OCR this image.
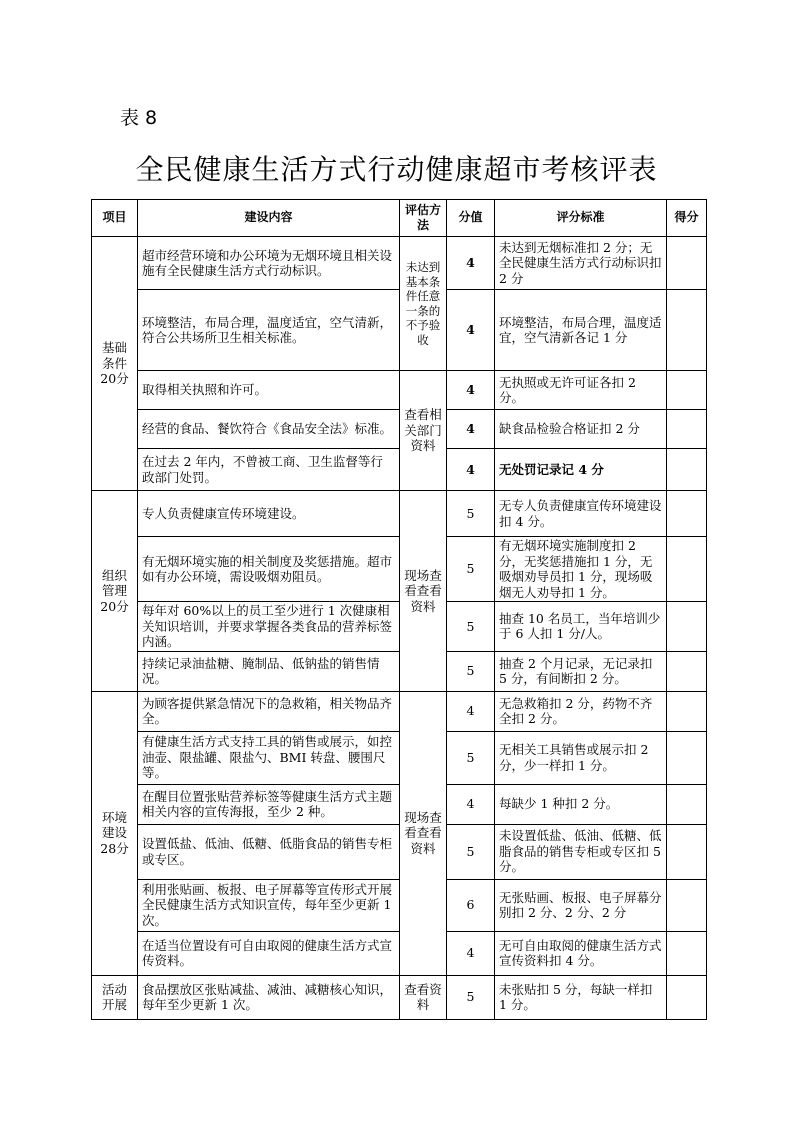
表 8
全民健康生活方式行动健康超市考核评表
项目	建设内容	评估方法	分值	评分标准	得分
基础条件20分	超市经营环境和办公环境为无烟环境且相关设施有全民健康生活方式行动标识。	未达到基本条件任意一条的不予验收	4	未达到无烟标准扣 2 分；无全民健康生活方式行动标识扣 2 分	
	环境整洁，布局合理，温度适宜，空气清新，符合公共场所卫生相关标准。		4	环境整洁，布局合理，温度适宜，空气清新各记 1 分	
	取得相关执照和许可。	查看相关部门资料	4	无执照或无许可证各扣 2 分。	
	经营的食品、餐饮符合《食品安全法》标准。		4	缺食品检验合格证扣 2 分	
	在过去 2 年内，不曾被工商、卫生监督等行政部门处罚。		4	无处罚记录记 4 分	
组织管理20分	专人负责健康宣传环境建设。	现场查看查看资料	5	无专人负责健康宣传环境建设扣 4 分。	
	有无烟环境实施的相关制度及奖惩措施。超市如有办公环境，需设吸烟劝阻员。		5	有无烟环境实施制度扣 2 分，无奖惩措施扣 1 分，无吸烟劝导员扣 1 分，现场吸烟无人劝导扣 1 分。	
	每年对 60%以上的员工至少进行 1 次健康相关知识培训，并要求掌握各类食品的营养标签内涵。		5	抽查 10 名员工，当年培训少于 6 人扣 1 分/人。	
	持续记录油盐糖、腌制品、低钠盐的销售情况。		5	抽查 2 个月记录，无记录扣 5 分，有间断扣 2 分。	
环境建设28分	为顾客提供紧急情况下的急救箱，相关物品齐全。	现场查看查看资料	4	无急救箱扣 2 分，药物不齐全扣 2 分。	
	有健康生活方式支持工具的销售或展示，如控油壶、限盐罐、限盐勺、BMI 转盘、腰围尺等。		5	无相关工具销售或展示扣 2 分，少一样扣 1 分。	
	在醒目位置张贴营养标签等健康生活方式主题相关内容的宣传海报，至少 2 种。		4	每缺少 1 种扣 2 分。	
	设置低盐、低油、低糖、低脂食品的销售专柜或专区。		5	未设置低盐、低油、低糖、低脂食品的销售专柜或专区扣 5 分。	
	利用张贴画、板报、电子屏幕等宣传形式开展全民健康生活方式知识宣传，每年至少更新 1 次。		6	无张贴画、板报、电子屏幕分别扣 2 分、2 分、2 分	
	在适当位置设有可自由取阅的健康生活方式宣传资料。		4	无可自由取阅的健康生活方式宣传资料扣 4 分。	
活动开展	食品摆放区张贴减盐、减油、减糖核心知识，每年至少更新 1 次。	查看资料	5	未张贴扣 5 分，每缺一样扣 1 分。	
